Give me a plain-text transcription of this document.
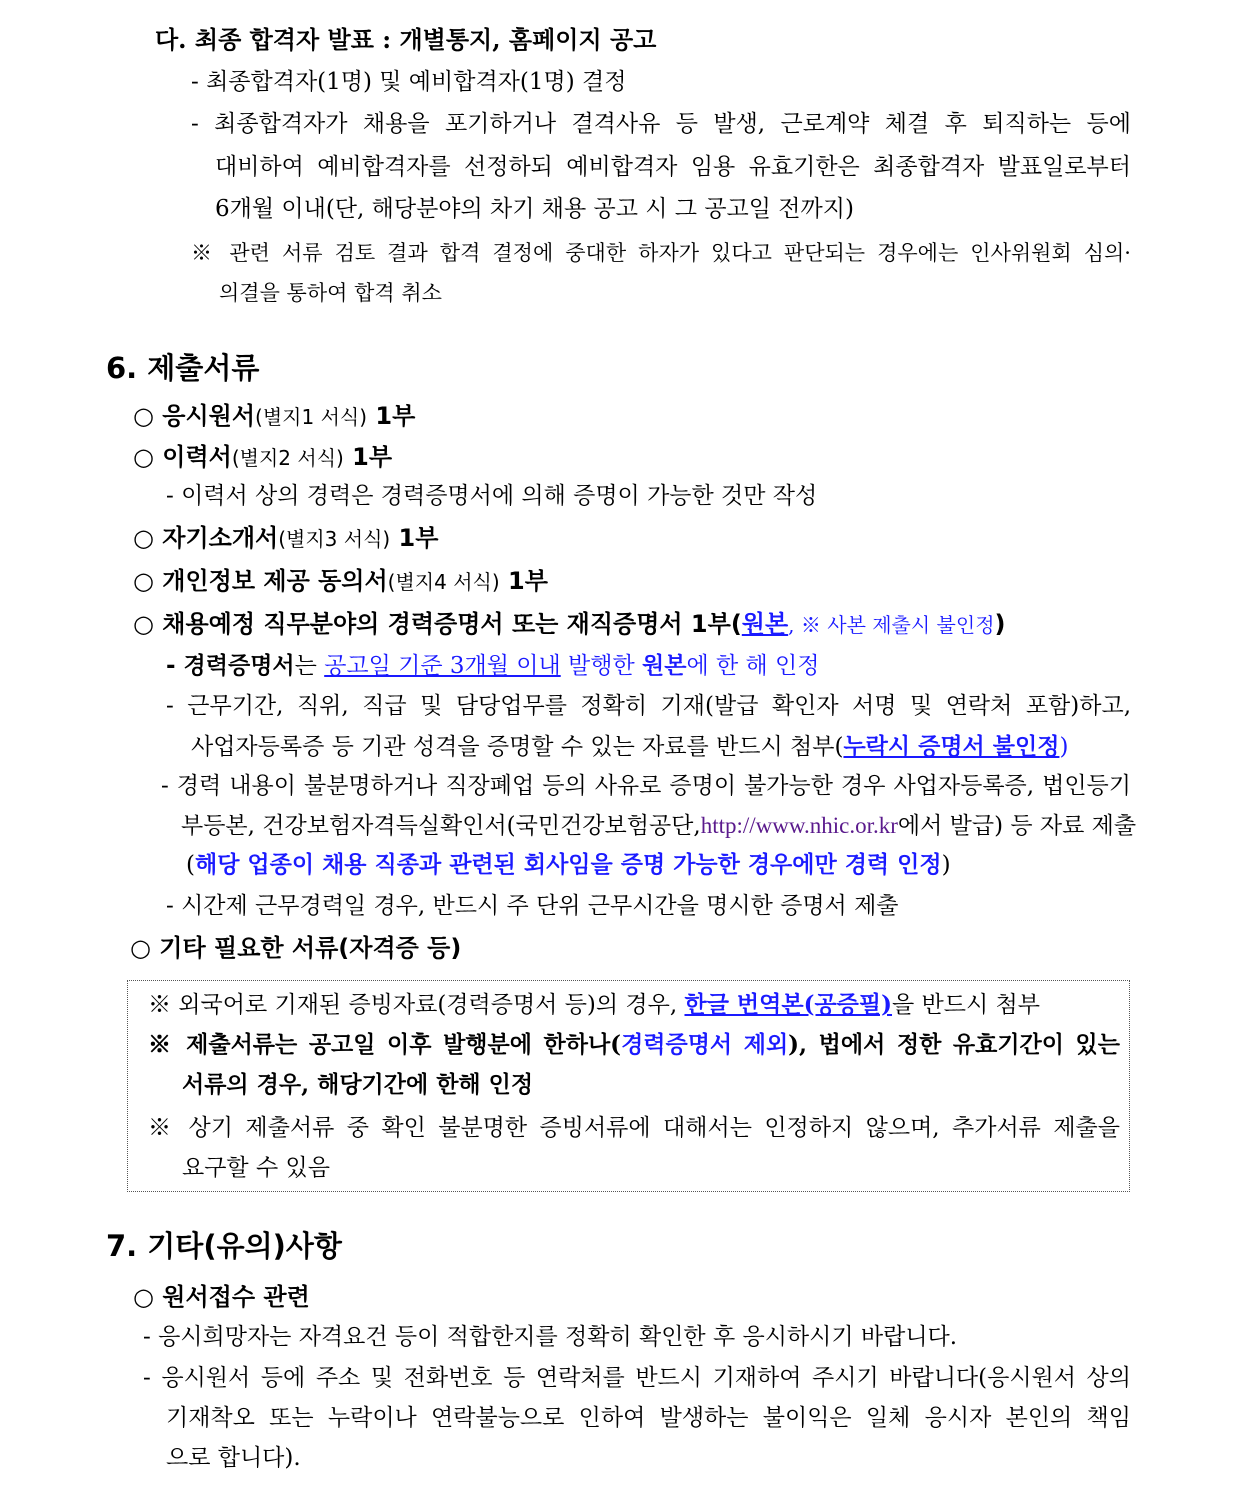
다. 최종 합격자 발표 : 개별통지, 홈페이지 공고
- 최종합격자(1명) 및 예비합격자(1명) 결정
- 최종합격자가 채용을 포기하거나 결격사유 등 발생, 근로계약 체결 후 퇴직하는 등에
대비하여 예비합격자를 선정하되 예비합격자 임용 유효기한은 최종합격자 발표일로부터
6개월 이내(단, 해당분야의 차기 채용 공고 시 그 공고일 전까지)
※ 관련 서류 검토 결과 합격 결정에 중대한 하자가 있다고 판단되는 경우에는 인사위원회 심의·
의결을 통하여 합격 취소
6. 제출서류
○ 응시원서(별지1 서식) 1부
○ 이력서(별지2 서식) 1부
- 이력서 상의 경력은 경력증명서에 의해 증명이 가능한 것만 작성
○ 자기소개서(별지3 서식) 1부
○ 개인정보 제공 동의서(별지4 서식) 1부
○ 채용예정 직무분야의 경력증명서 또는 재직증명서 1부(원본, ※ 사본 제출시 불인정)
- 경력증명서는 공고일 기준 3개월 이내 발행한 원본에 한 해 인정
- 근무기간, 직위, 직급 및 담당업무를 정확히 기재(발급 확인자 서명 및 연락처 포함)하고,
사업자등록증 등 기관 성격을 증명할 수 있는 자료를 반드시 첨부(누락시 증명서 불인정)
- 경력 내용이 불분명하거나 직장폐업 등의 사유로 증명이 불가능한 경우 사업자등록증, 법인등기
부등본, 건강보험자격득실확인서(국민건강보험공단,http://www.nhic.or.kr에서 발급) 등 자료 제출
(해당 업종이 채용 직종과 관련된 회사임을 증명 가능한 경우에만 경력 인정)
- 시간제 근무경력일 경우, 반드시 주 단위 근무시간을 명시한 증명서 제출
○ 기타 필요한 서류(자격증 등)
※ 외국어로 기재된 증빙자료(경력증명서 등)의 경우, 한글 번역본(공증필)을 반드시 첨부
※ 제출서류는 공고일 이후 발행분에 한하나(경력증명서 제외), 법에서 정한 유효기간이 있는
서류의 경우, 해당기간에 한해 인정
※ 상기 제출서류 중 확인 불분명한 증빙서류에 대해서는 인정하지 않으며, 추가서류 제출을
요구할 수 있음
7. 기타(유의)사항
○ 원서접수 관련
- 응시희망자는 자격요건 등이 적합한지를 정확히 확인한 후 응시하시기 바랍니다.
- 응시원서 등에 주소 및 전화번호 등 연락처를 반드시 기재하여 주시기 바랍니다(응시원서 상의
기재착오 또는 누락이나 연락불능으로 인하여 발생하는 불이익은 일체 응시자 본인의 책임
으로 합니다).
